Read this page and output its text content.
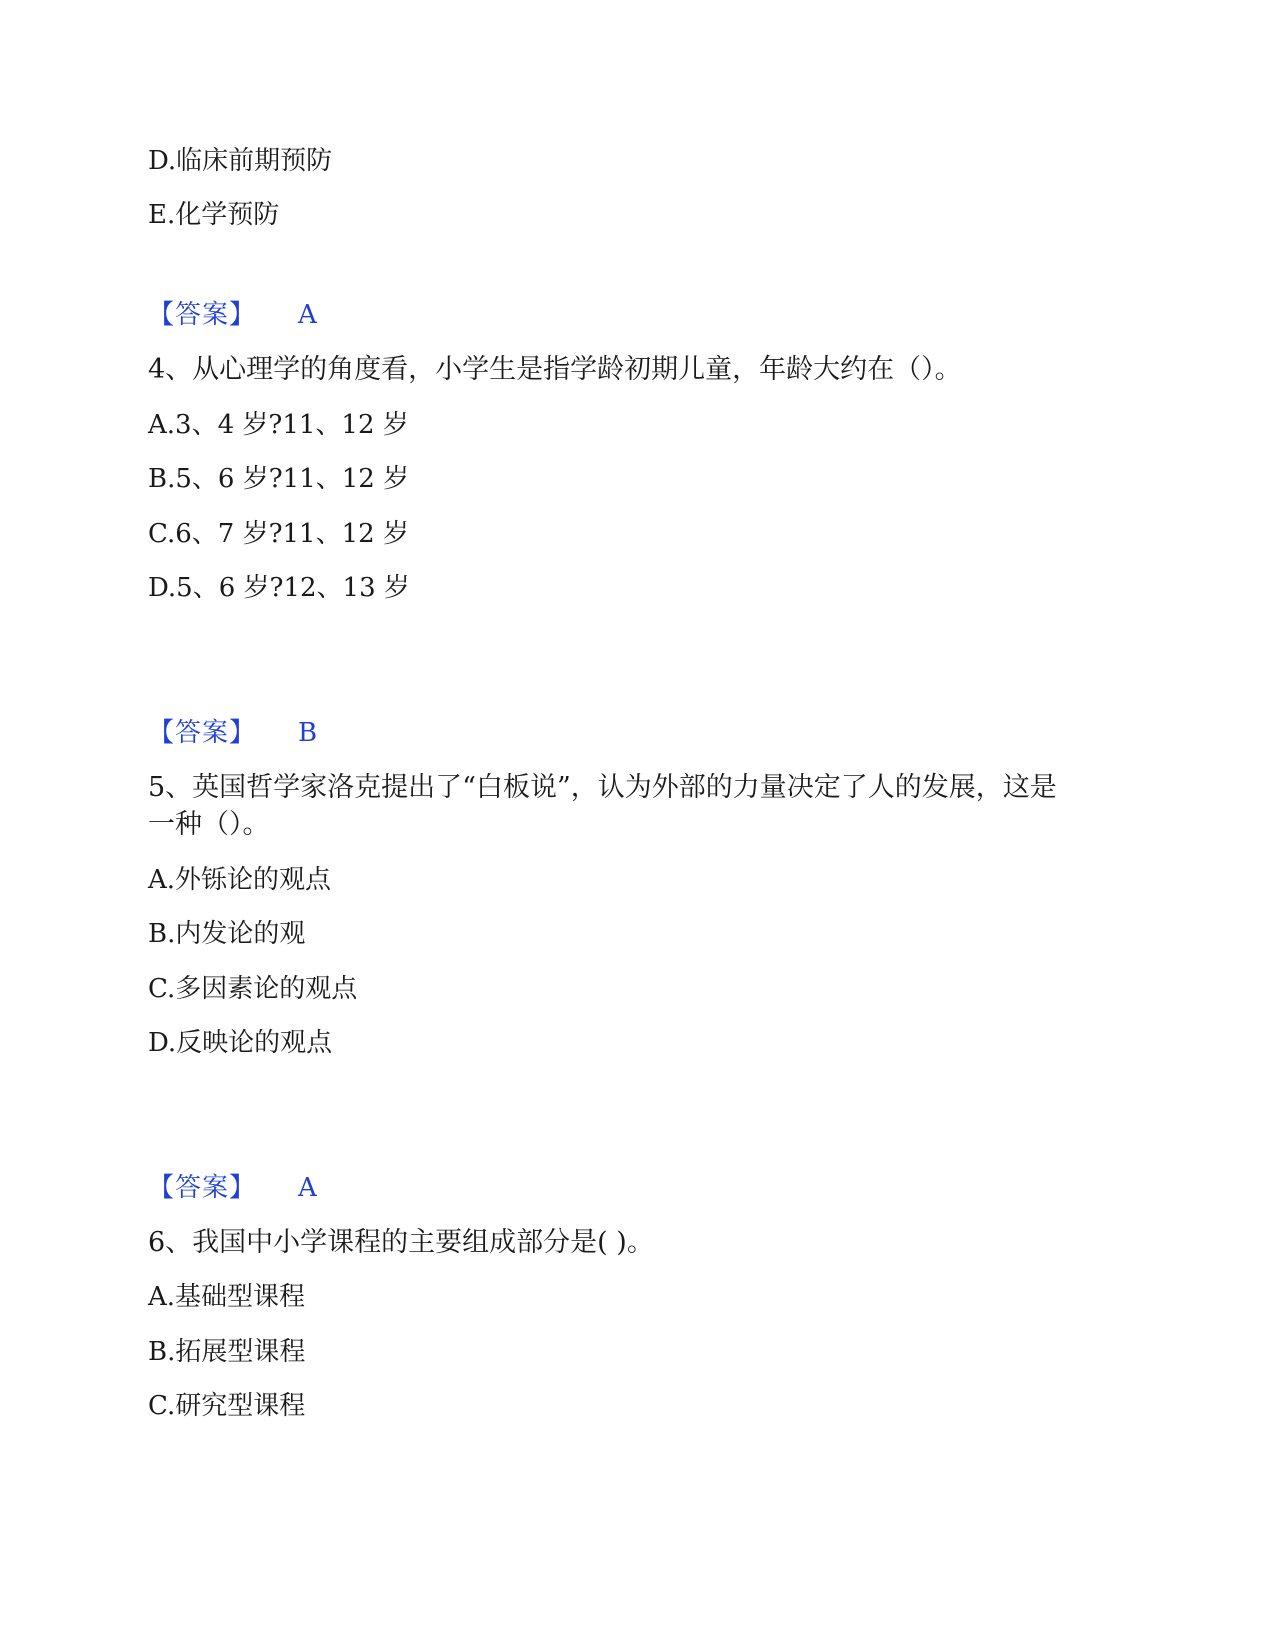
D.临床前期预防
E.化学预防
【答案】 A
4、从心理学的角度看，小学生是指学龄初期儿童，年龄大约在（）。
A.3、4 岁?11、12 岁
B.5、6 岁?11、12 岁
C.6、7 岁?11、12 岁
D.5、6 岁?12、13 岁
【答案】 B
5、英国哲学家洛克提出了“白板说”，认为外部的力量决定了人的发展，这是
一种（）。
A.外铄论的观点
B.内发论的观
C.多因素论的观点
D.反映论的观点
【答案】 A
6、我国中小学课程的主要组成部分是( )。
A.基础型课程
B.拓展型课程
C.研究型课程
